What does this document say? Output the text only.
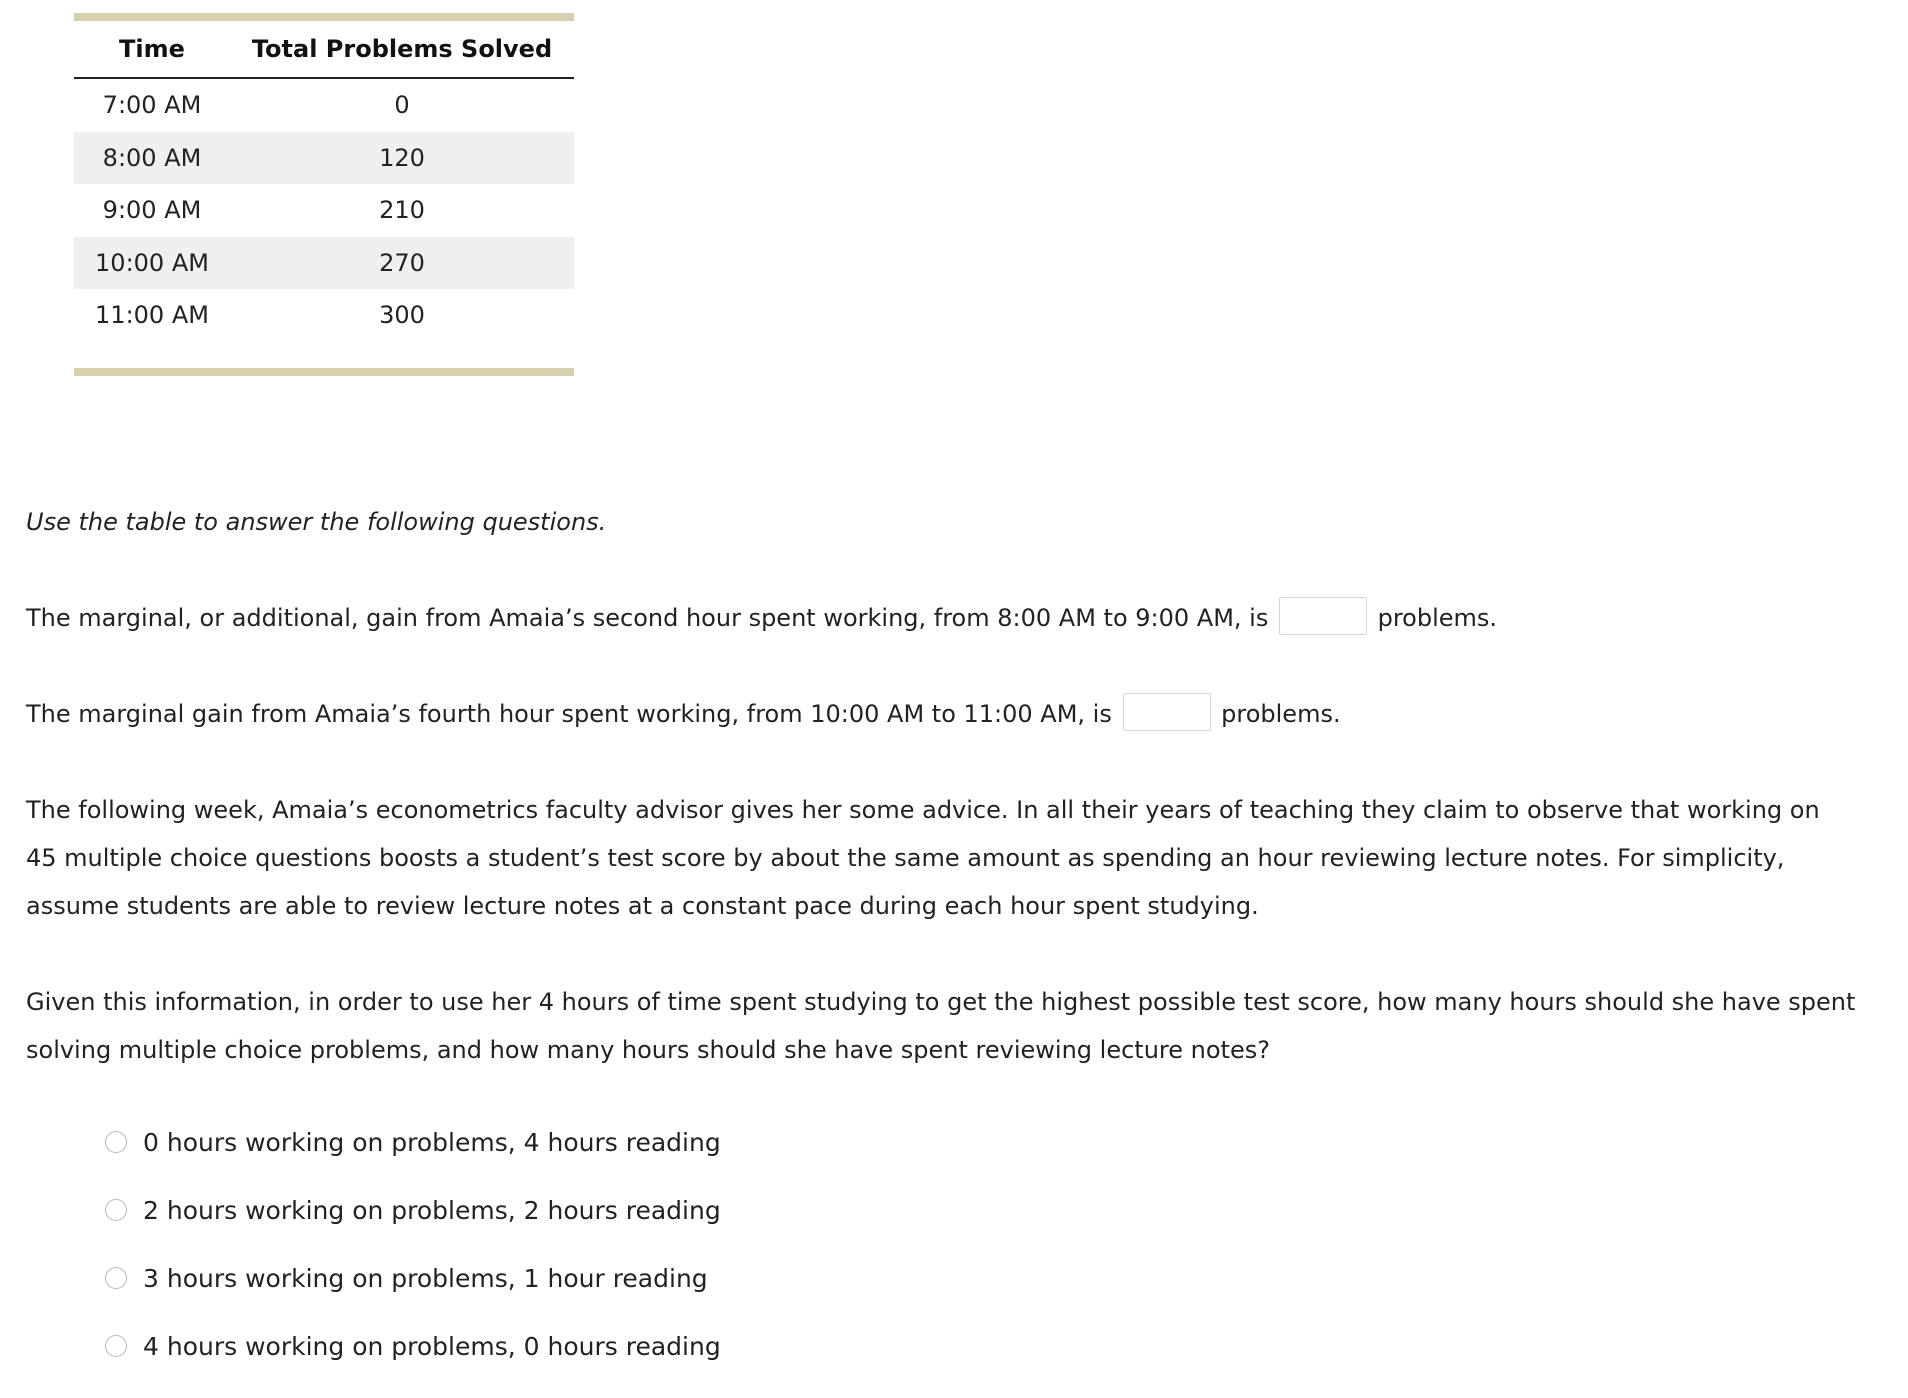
Time	Total Problems Solved
7:00 AM	0
8:00 AM	120
9:00 AM	210
10:00 AM	270
11:00 AM	300

Use the table to answer the following questions.

The marginal, or additional, gain from Amaia’s second hour spent working, from 8:00 AM to 9:00 AM, is	problems.

The marginal gain from Amaia’s fourth hour spent working, from 10:00 AM to 11:00 AM, is	problems.

The following week, Amaia’s econometrics faculty advisor gives her some advice. In all their years of teaching they claim to observe that working on 45 multiple choice questions boosts a student’s test score by about the same amount as spending an hour reviewing lecture notes. For simplicity, assume students are able to review lecture notes at a constant pace during each hour spent studying.

Given this information, in order to use her 4 hours of time spent studying to get the highest possible test score, how many hours should she have spent solving multiple choice problems, and how many hours should she have spent reviewing lecture notes?

0 hours working on problems, 4 hours reading
2 hours working on problems, 2 hours reading
3 hours working on problems, 1 hour reading
4 hours working on problems, 0 hours reading
